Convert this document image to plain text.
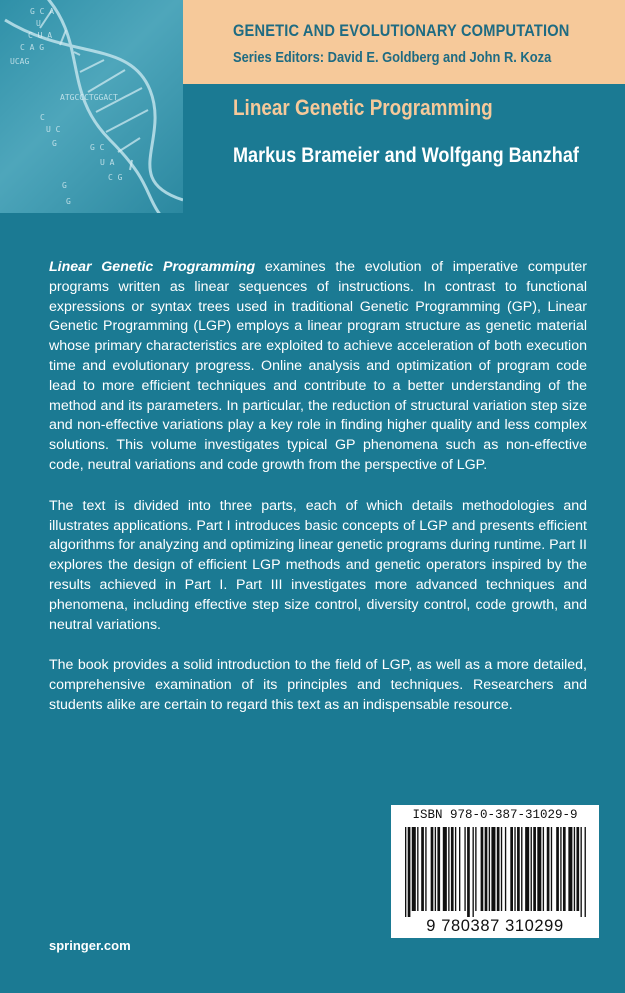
G C A
U
C U A
C A G
UCAG
ATGCCCTGGACT
C
U C
G	G C
U A
C G
G
G
GENETIC AND EVOLUTIONARY COMPUTATION
Series Editors: David E. Goldberg and John R. Koza
Linear Genetic Programming
Markus Brameier and Wolfgang Banzhaf

Linear Genetic Programming examines the evolution of imperative computer programs written as linear sequences of instructions. In contrast to functional expressions or syntax trees used in traditional Genetic Programming (GP), Linear Genetic Programming (LGP) employs a linear program structure as genetic material whose primary characteristics are exploited to achieve acceleration of both execution time and evolutionary progress. Online analysis and optimization of program code lead to more efficient techniques and contribute to a better understanding of the method and its parameters. In particular, the reduction of structural variation step size and non-effective variations play a key role in finding higher quality and less complex solutions. This volume investigates typical GP phenomena such as non-effective code, neutral variations and code growth from the perspective of LGP.

The text is divided into three parts, each of which details methodologies and illustrates applications. Part I introduces basic concepts of LGP and presents efficient algorithms for analyzing and optimizing linear genetic programs during runtime. Part II explores the design of efficient LGP methods and genetic operators inspired by the results achieved in Part I. Part III investigates more advanced techniques and phenomena, including effective step size control, diversity control, code growth, and neutral variations.

The book provides a solid introduction to the field of LGP, as well as a more detailed, comprehensive examination of its principles and techniques. Researchers and students alike are certain to regard this text as an indispensable resource.

ISBN 978-0-387-31029-9
9 780387 310299
springer.com
